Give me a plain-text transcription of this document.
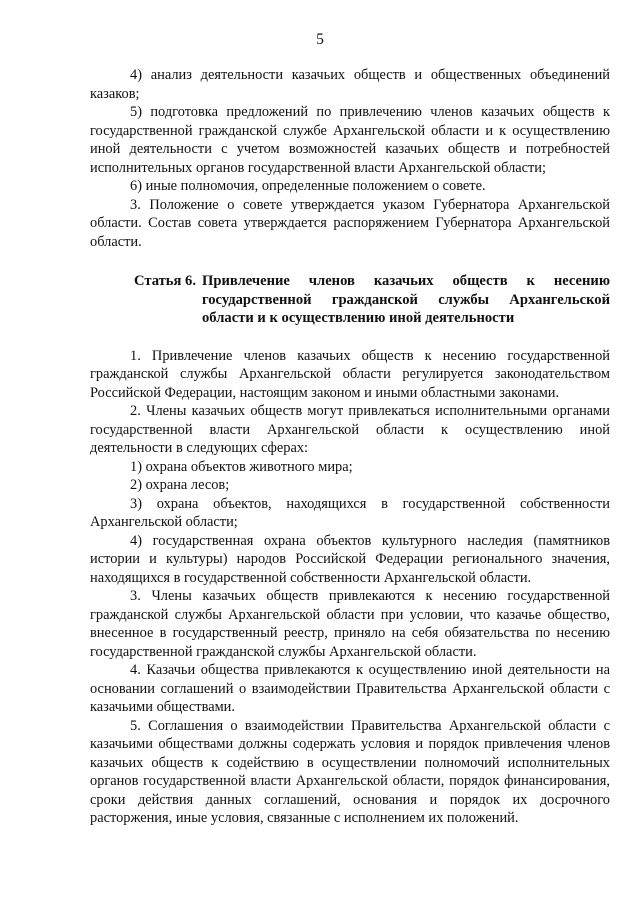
5

4) анализ деятельности казачьих обществ и общественных объединений казаков;

5) подготовка предложений по привлечению членов казачьих обществ к государственной гражданской службе Архангельской области и к осуществлению иной деятельности с учетом возможностей казачьих обществ и потребностей исполнительных органов государственной власти Архангельской области;

6) иные полномочия, определенные положением о совете.

3. Положение о совете утверждается указом Губернатора Архангельской области. Состав совета утверждается распоряжением Губернатора Архангельской области.

Статья 6. Привлечение членов казачьих обществ к несению государственной гражданской службы Архангельской области и к осуществлению иной деятельности

1. Привлечение членов казачьих обществ к несению государственной гражданской службы Архангельской области регулируется законодательством Российской Федерации, настоящим законом и иными областными законами.

2. Члены казачьих обществ могут привлекаться исполнительными органами государственной власти Архангельской области к осуществлению иной деятельности в следующих сферах:

1) охрана объектов животного мира;

2) охрана лесов;

3) охрана объектов, находящихся в государственной собственности Архангельской области;

4) государственная охрана объектов культурного наследия (памятников истории и культуры) народов Российской Федерации регионального значения, находящихся в государственной собственности Архангельской области.

3. Члены казачьих обществ привлекаются к несению государственной гражданской службы Архангельской области при условии, что казачье общество, внесенное в государственный реестр, приняло на себя обязательства по несению государственной гражданской службы Архангельской области.

4. Казачьи общества привлекаются к осуществлению иной деятельности на основании соглашений о взаимодействии Правительства Архангельской области с казачьими обществами.

5. Соглашения о взаимодействии Правительства Архангельской области с казачьими обществами должны содержать условия и порядок привлечения членов казачьих обществ к содействию в осуществлении полномочий исполнительных органов государственной власти Архангельской области, порядок финансирования, сроки действия данных соглашений, основания и порядок их досрочного расторжения, иные условия, связанные с исполнением их положений.
